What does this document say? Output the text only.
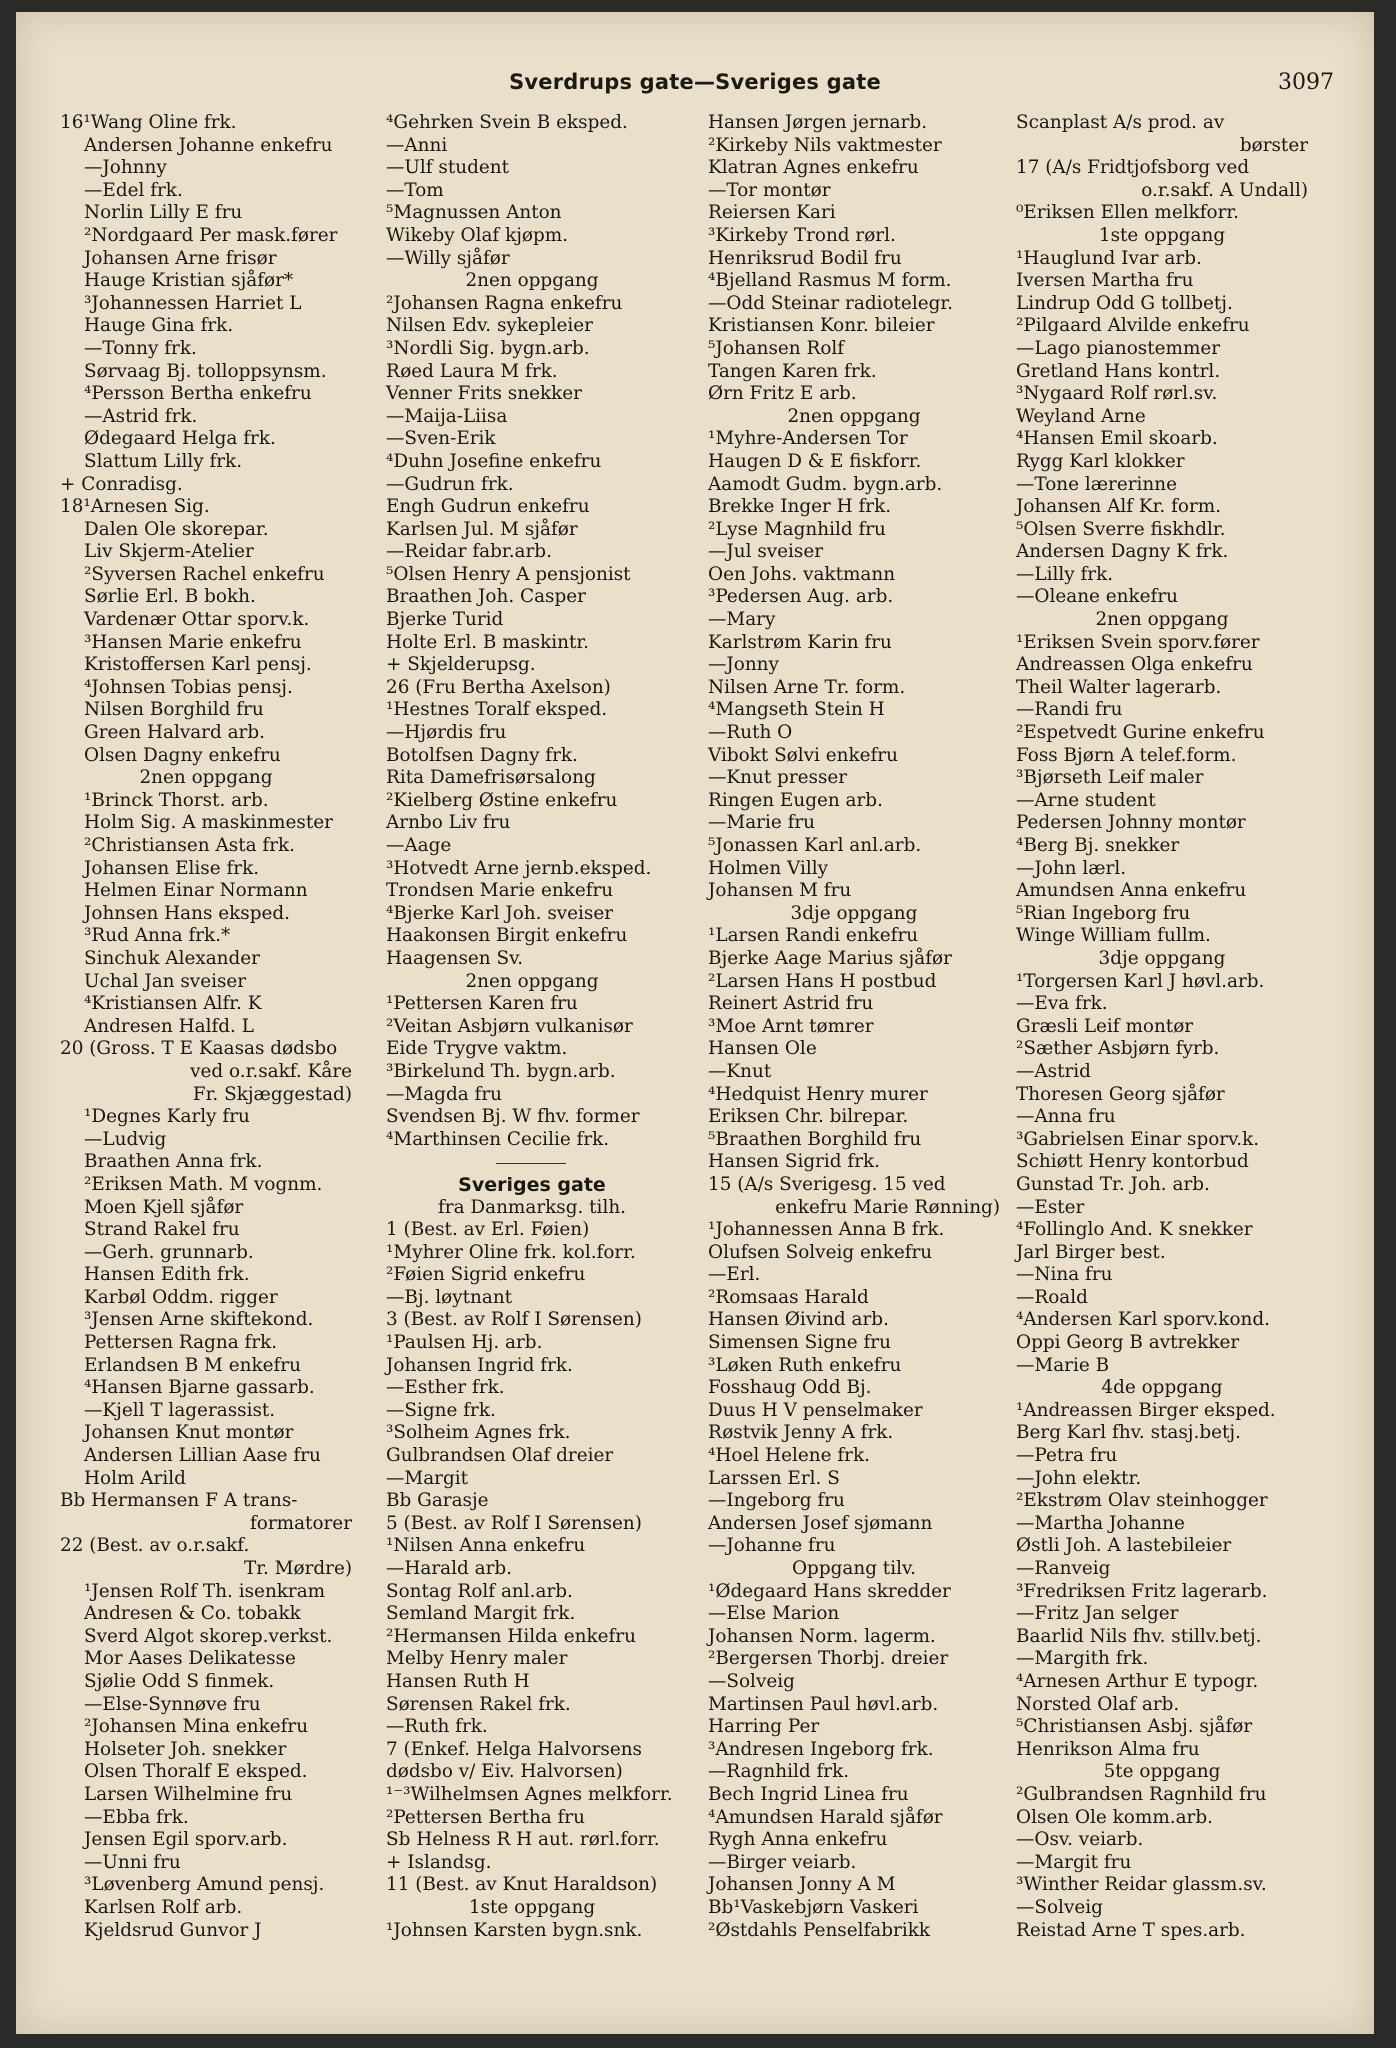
Sverdrups gate—Sveriges gate	3097
16¹Wang Oline frk.
Andersen Johanne enkefru
—Johnny
—Edel frk.
Norlin Lilly E fru
²Nordgaard Per mask.fører
Johansen Arne frisør
Hauge Kristian sjåfør*
³Johannessen Harriet L
Hauge Gina frk.
—Tonny frk.
Sørvaag Bj. tolloppsynsm.
⁴Persson Bertha enkefru
—Astrid frk.
Ødegaard Helga frk.
Slattum Lilly frk.
+ Conradisg.
18¹Arnesen Sig.
Dalen Ole skorepar.
Liv Skjerm-Atelier
²Syversen Rachel enkefru
Sørlie Erl. B bokh.
Vardenær Ottar sporv.k.
³Hansen Marie enkefru
Kristoffersen Karl pensj.
⁴Johnsen Tobias pensj.
Nilsen Borghild fru
Green Halvard arb.
Olsen Dagny enkefru
2nen oppgang
¹Brinck Thorst. arb.
Holm Sig. A maskinmester
²Christiansen Asta frk.
Johansen Elise frk.
Helmen Einar Normann
Johnsen Hans eksped.
³Rud Anna frk.*
Sinchuk Alexander
Uchal Jan sveiser
⁴Kristiansen Alfr. K
Andresen Halfd. L
20 (Gross. T E Kaasas dødsbo
ved o.r.sakf. Kåre
Fr. Skjæggestad)
¹Degnes Karly fru
—Ludvig
Braathen Anna frk.
²Eriksen Math. M vognm.
Moen Kjell sjåfør
Strand Rakel fru
—Gerh. grunnarb.
Hansen Edith frk.
Karbøl Oddm. rigger
³Jensen Arne skiftekond.
Pettersen Ragna frk.
Erlandsen B M enkefru
⁴Hansen Bjarne gassarb.
—Kjell T lagerassist.
Johansen Knut montør
Andersen Lillian Aase fru
Holm Arild
Bb Hermansen F A trans-
formatorer
22 (Best. av o.r.sakf.
Tr. Mørdre)
¹Jensen Rolf Th. isenkram
Andresen & Co. tobakk
Sverd Algot skorep.verkst.
Mor Aases Delikatesse
Sjølie Odd S finmek.
—Else-Synnøve fru
²Johansen Mina enkefru
Holseter Joh. snekker
Olsen Thoralf E eksped.
Larsen Wilhelmine fru
—Ebba frk.
Jensen Egil sporv.arb.
—Unni fru
³Løvenberg Amund pensj.
Karlsen Rolf arb.
Kjeldsrud Gunvor J
⁴Gehrken Svein B eksped.
—Anni
—Ulf student
—Tom
⁵Magnussen Anton
Wikeby Olaf kjøpm.
—Willy sjåfør
2nen oppgang
²Johansen Ragna enkefru
Nilsen Edv. sykepleier
³Nordli Sig. bygn.arb.
Røed Laura M frk.
Venner Frits snekker
—Maija-Liisa
—Sven-Erik
⁴Duhn Josefine enkefru
—Gudrun frk.
Engh Gudrun enkefru
Karlsen Jul. M sjåfør
—Reidar fabr.arb.
⁵Olsen Henry A pensjonist
Braathen Joh. Casper
Bjerke Turid
Holte Erl. B maskintr.
+ Skjelderupsg.
26 (Fru Bertha Axelson)
¹Hestnes Toralf eksped.
—Hjørdis fru
Botolfsen Dagny frk.
Rita Damefrisørsalong
²Kielberg Østine enkefru
Arnbo Liv fru
—Aage
³Hotvedt Arne jernb.eksped.
Trondsen Marie enkefru
⁴Bjerke Karl Joh. sveiser
Haakonsen Birgit enkefru
Haagensen Sv.
2nen oppgang
¹Pettersen Karen fru
²Veitan Asbjørn vulkanisør
Eide Trygve vaktm.
³Birkelund Th. bygn.arb.
—Magda fru
Svendsen Bj. W fhv. former
⁴Marthinsen Cecilie frk.
Sveriges gate
fra Danmarksg. tilh.
1 (Best. av Erl. Føien)
¹Myhrer Oline frk. kol.forr.
²Føien Sigrid enkefru
—Bj. løytnant
3 (Best. av Rolf I Sørensen)
¹Paulsen Hj. arb.
Johansen Ingrid frk.
—Esther frk.
—Signe frk.
³Solheim Agnes frk.
Gulbrandsen Olaf dreier
—Margit
Bb Garasje
5 (Best. av Rolf I Sørensen)
¹Nilsen Anna enkefru
—Harald arb.
Sontag Rolf anl.arb.
Semland Margit frk.
²Hermansen Hilda enkefru
Melby Henry maler
Hansen Ruth H
Sørensen Rakel frk.
—Ruth frk.
7 (Enkef. Helga Halvorsens
dødsbo v/ Eiv. Halvorsen)
¹⁻³Wilhelmsen Agnes melkforr.
²Pettersen Bertha fru
Sb Helness R H aut. rørl.forr.
+ Islandsg.
11 (Best. av Knut Haraldson)
1ste oppgang
¹Johnsen Karsten bygn.snk.
Hansen Jørgen jernarb.
²Kirkeby Nils vaktmester
Klatran Agnes enkefru
—Tor montør
Reiersen Kari
³Kirkeby Trond rørl.
Henriksrud Bodil fru
⁴Bjelland Rasmus M form.
—Odd Steinar radiotelegr.
Kristiansen Konr. bileier
⁵Johansen Rolf
Tangen Karen frk.
Ørn Fritz E arb.
2nen oppgang
¹Myhre-Andersen Tor
Haugen D & E fiskforr.
Aamodt Gudm. bygn.arb.
Brekke Inger H frk.
²Lyse Magnhild fru
—Jul sveiser
Oen Johs. vaktmann
³Pedersen Aug. arb.
—Mary
Karlstrøm Karin fru
—Jonny
Nilsen Arne Tr. form.
⁴Mangseth Stein H
—Ruth O
Vibokt Sølvi enkefru
—Knut presser
Ringen Eugen arb.
—Marie fru
⁵Jonassen Karl anl.arb.
Holmen Villy
Johansen M fru
3dje oppgang
¹Larsen Randi enkefru
Bjerke Aage Marius sjåfør
²Larsen Hans H postbud
Reinert Astrid fru
³Moe Arnt tømrer
Hansen Ole
—Knut
⁴Hedquist Henry murer
Eriksen Chr. bilrepar.
⁵Braathen Borghild fru
Hansen Sigrid frk.
15 (A/s Sverigesg. 15 ved
enkefru Marie Rønning)
¹Johannessen Anna B frk.
Olufsen Solveig enkefru
—Erl.
²Romsaas Harald
Hansen Øivind arb.
Simensen Signe fru
³Løken Ruth enkefru
Fosshaug Odd Bj.
Duus H V penselmaker
Røstvik Jenny A frk.
⁴Hoel Helene frk.
Larssen Erl. S
—Ingeborg fru
Andersen Josef sjømann
—Johanne fru
Oppgang tilv.
¹Ødegaard Hans skredder
—Else Marion
Johansen Norm. lagerm.
²Bergersen Thorbj. dreier
—Solveig
Martinsen Paul høvl.arb.
Harring Per
³Andresen Ingeborg frk.
—Ragnhild frk.
Bech Ingrid Linea fru
⁴Amundsen Harald sjåfør
Rygh Anna enkefru
—Birger veiarb.
Johansen Jonny A M
Bb¹Vaskebjørn Vaskeri
²Østdahls Penselfabrikk
Scanplast A/s prod. av
børster
17 (A/s Fridtjofsborg ved
o.r.sakf. A Undall)
⁰Eriksen Ellen melkforr.
1ste oppgang
¹Hauglund Ivar arb.
Iversen Martha fru
Lindrup Odd G tollbetj.
²Pilgaard Alvilde enkefru
—Lago pianostemmer
Gretland Hans kontrl.
³Nygaard Rolf rørl.sv.
Weyland Arne
⁴Hansen Emil skoarb.
Rygg Karl klokker
—Tone lærerinne
Johansen Alf Kr. form.
⁵Olsen Sverre fiskhdlr.
Andersen Dagny K frk.
—Lilly frk.
—Oleane enkefru
2nen oppgang
¹Eriksen Svein sporv.fører
Andreassen Olga enkefru
Theil Walter lagerarb.
—Randi fru
²Espetvedt Gurine enkefru
Foss Bjørn A telef.form.
³Bjørseth Leif maler
—Arne student
Pedersen Johnny montør
⁴Berg Bj. snekker
—John lærl.
Amundsen Anna enkefru
⁵Rian Ingeborg fru
Winge William fullm.
3dje oppgang
¹Torgersen Karl J høvl.arb.
—Eva frk.
Græsli Leif montør
²Sæther Asbjørn fyrb.
—Astrid
Thoresen Georg sjåfør
—Anna fru
³Gabrielsen Einar sporv.k.
Schiøtt Henry kontorbud
Gunstad Tr. Joh. arb.
—Ester
⁴Follinglo And. K snekker
Jarl Birger best.
—Nina fru
—Roald
⁴Andersen Karl sporv.kond.
Oppi Georg B avtrekker
—Marie B
4de oppgang
¹Andreassen Birger eksped.
Berg Karl fhv. stasj.betj.
—Petra fru
—John elektr.
²Ekstrøm Olav steinhogger
—Martha Johanne
Østli Joh. A lastebileier
—Ranveig
³Fredriksen Fritz lagerarb.
—Fritz Jan selger
Baarlid Nils fhv. stillv.betj.
—Margith frk.
⁴Arnesen Arthur E typogr.
Norsted Olaf arb.
⁵Christiansen Asbj. sjåfør
Henrikson Alma fru
5te oppgang
²Gulbrandsen Ragnhild fru
Olsen Ole komm.arb.
—Osv. veiarb.
—Margit fru
³Winther Reidar glassm.sv.
—Solveig
Reistad Arne T spes.arb.
